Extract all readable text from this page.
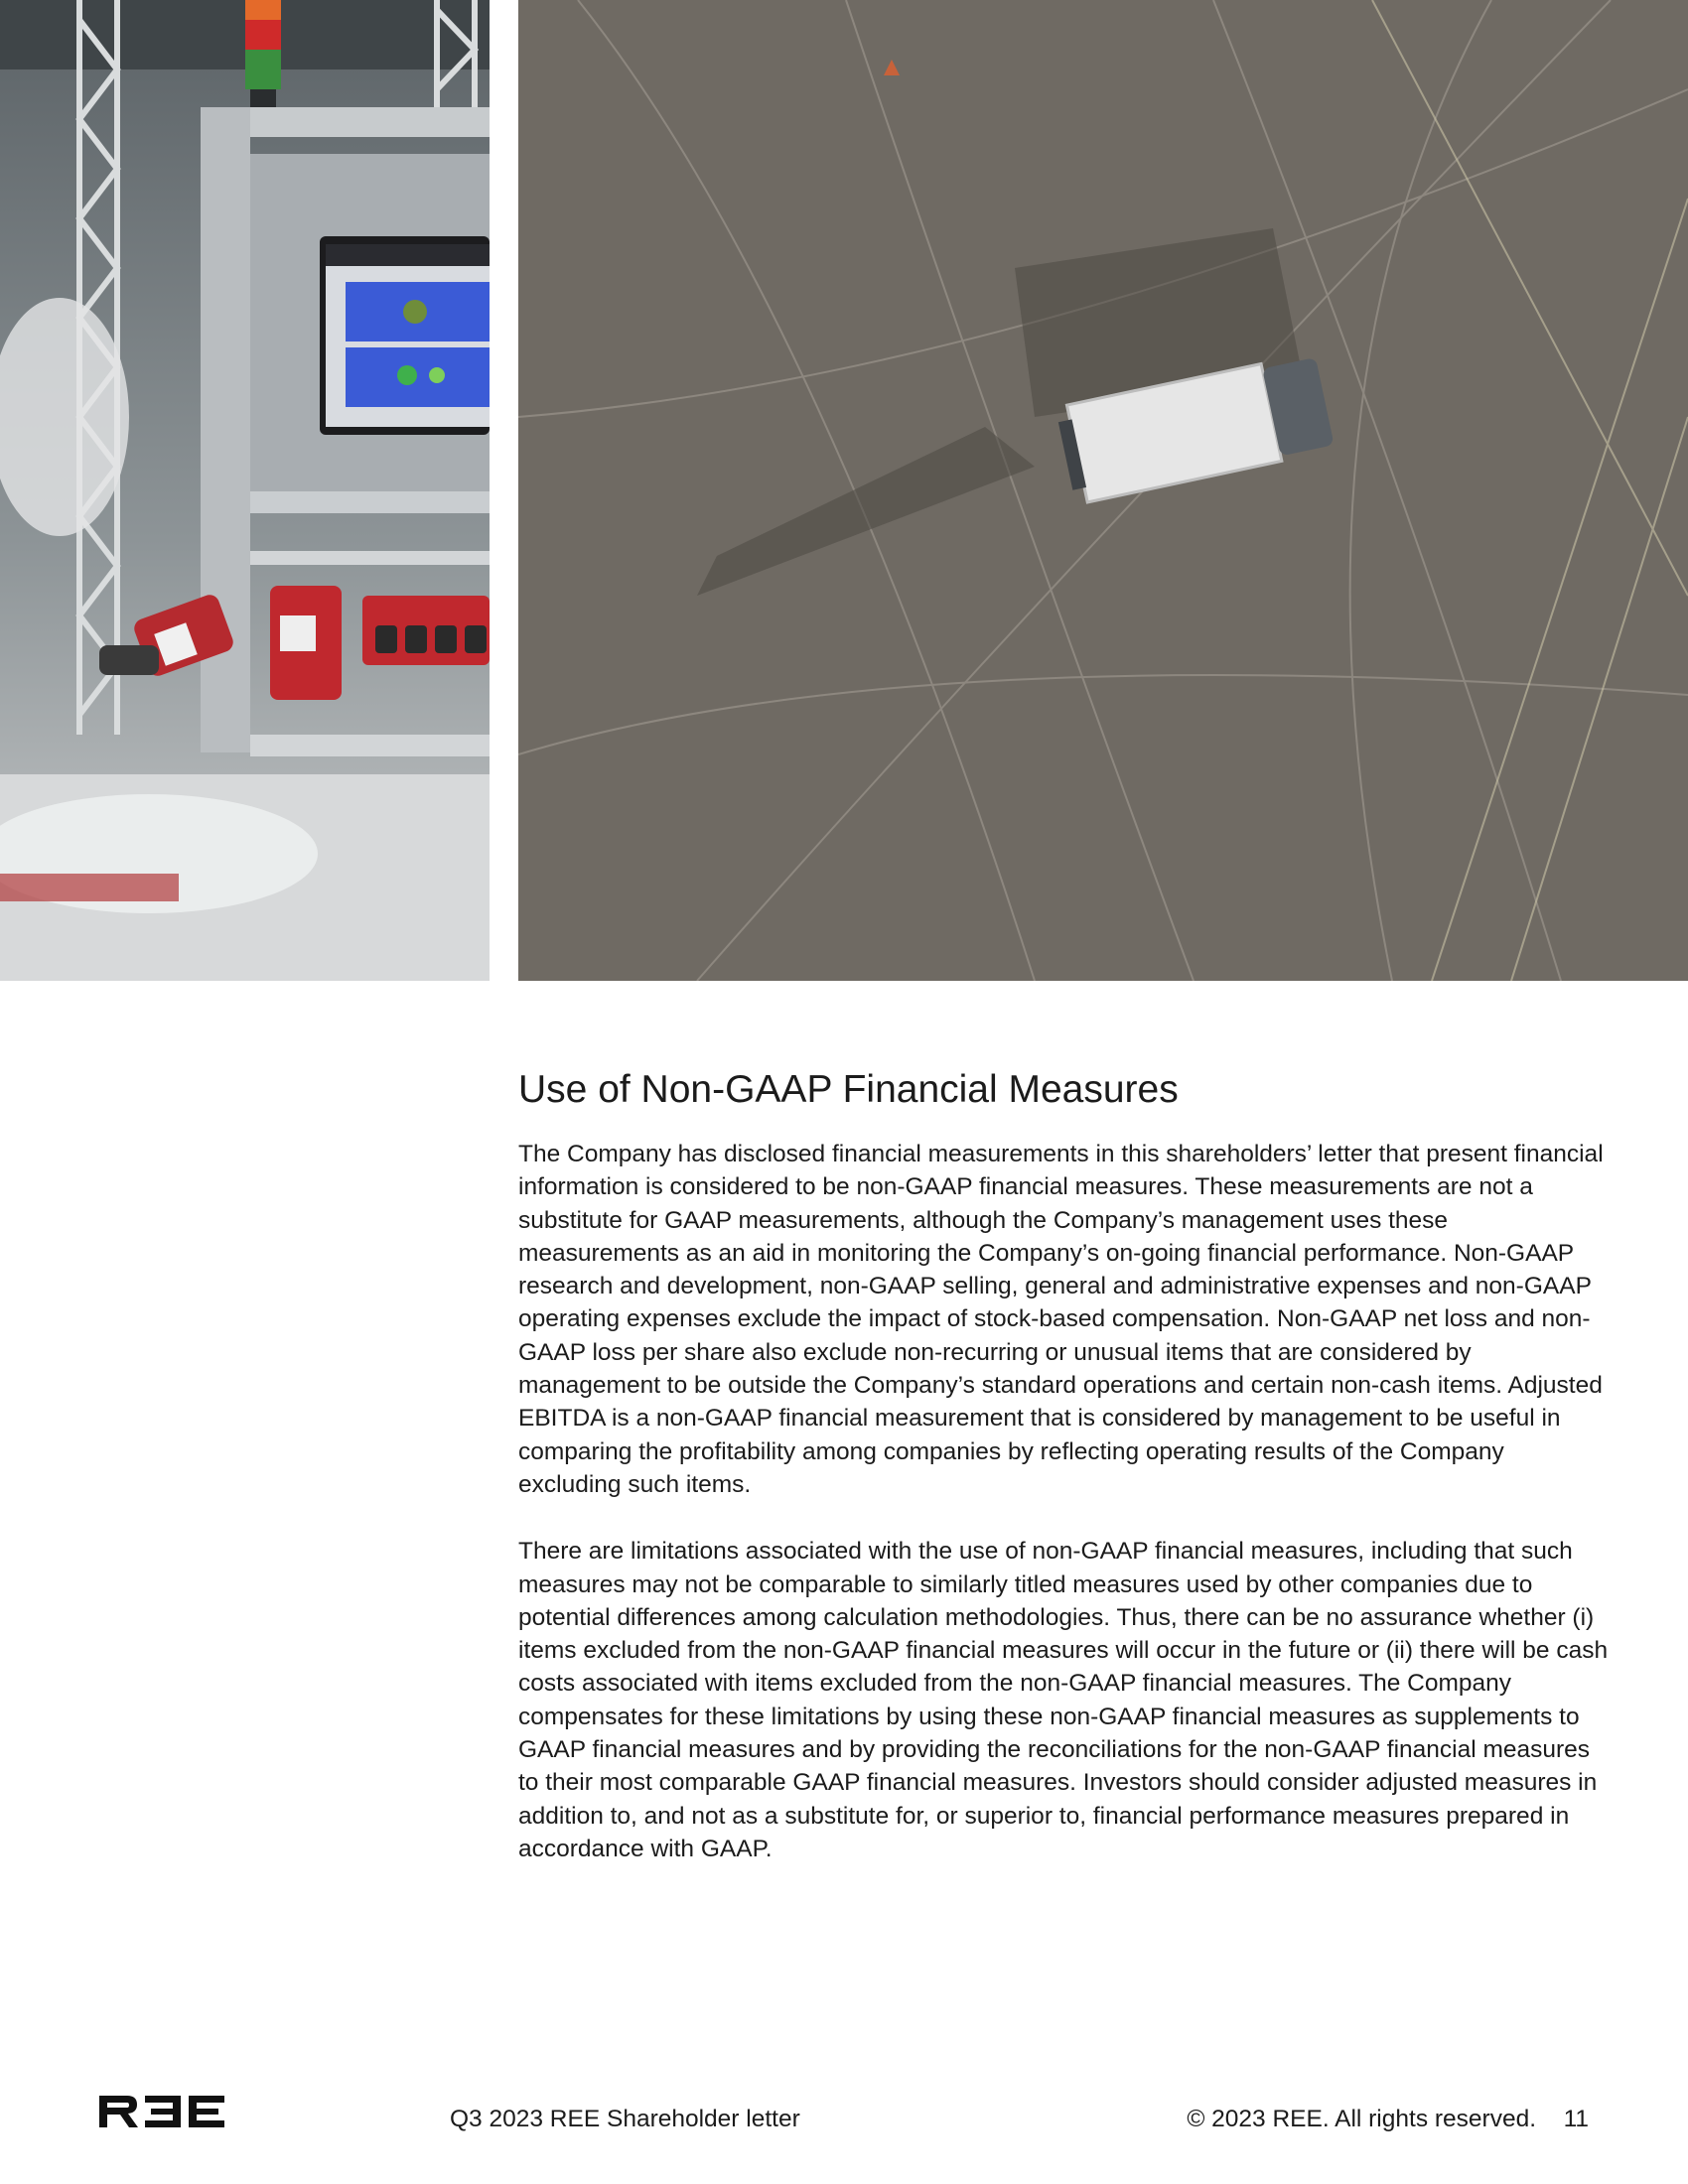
Use of Non-GAAP Financial Measures

The Company has disclosed financial measurements in this shareholders’ letter that present financial information is considered to be non-GAAP financial measures. These measurements are not a substitute for GAAP measurements, although the Company’s management uses these measurements as an aid in monitoring the Company’s on-going financial performance. Non-GAAP research and development, non-GAAP selling, general and administrative expenses and non-GAAP operating expenses exclude the impact of stock-based compensation. Non-GAAP net loss and non-GAAP loss per share also exclude non-recurring or unusual items that are considered by management to be outside the Company’s standard operations and certain non-cash items. Adjusted EBITDA is a non-GAAP financial measurement that is considered by management to be useful in comparing the profitability among companies by reflecting operating results of the Company excluding such items.

There are limitations associated with the use of non-GAAP financial measures, including that such measures may not be comparable to similarly titled measures used by other companies due to potential differences among calculation methodologies. Thus, there can be no assurance whether (i) items excluded from the non-GAAP financial measures will occur in the future or (ii) there will be cash costs associated with items excluded from the non-GAAP financial measures. The Company compensates for these limitations by using these non-GAAP financial measures as supplements to GAAP financial measures and by providing the reconciliations for the non-GAAP financial measures to their most comparable GAAP financial measures. Investors should consider adjusted measures in addition to, and not as a substitute for, or superior to, financial performance measures prepared in accordance with GAAP.

Q3 2023 REE Shareholder letter	© 2023 REE. All rights reserved. 11
